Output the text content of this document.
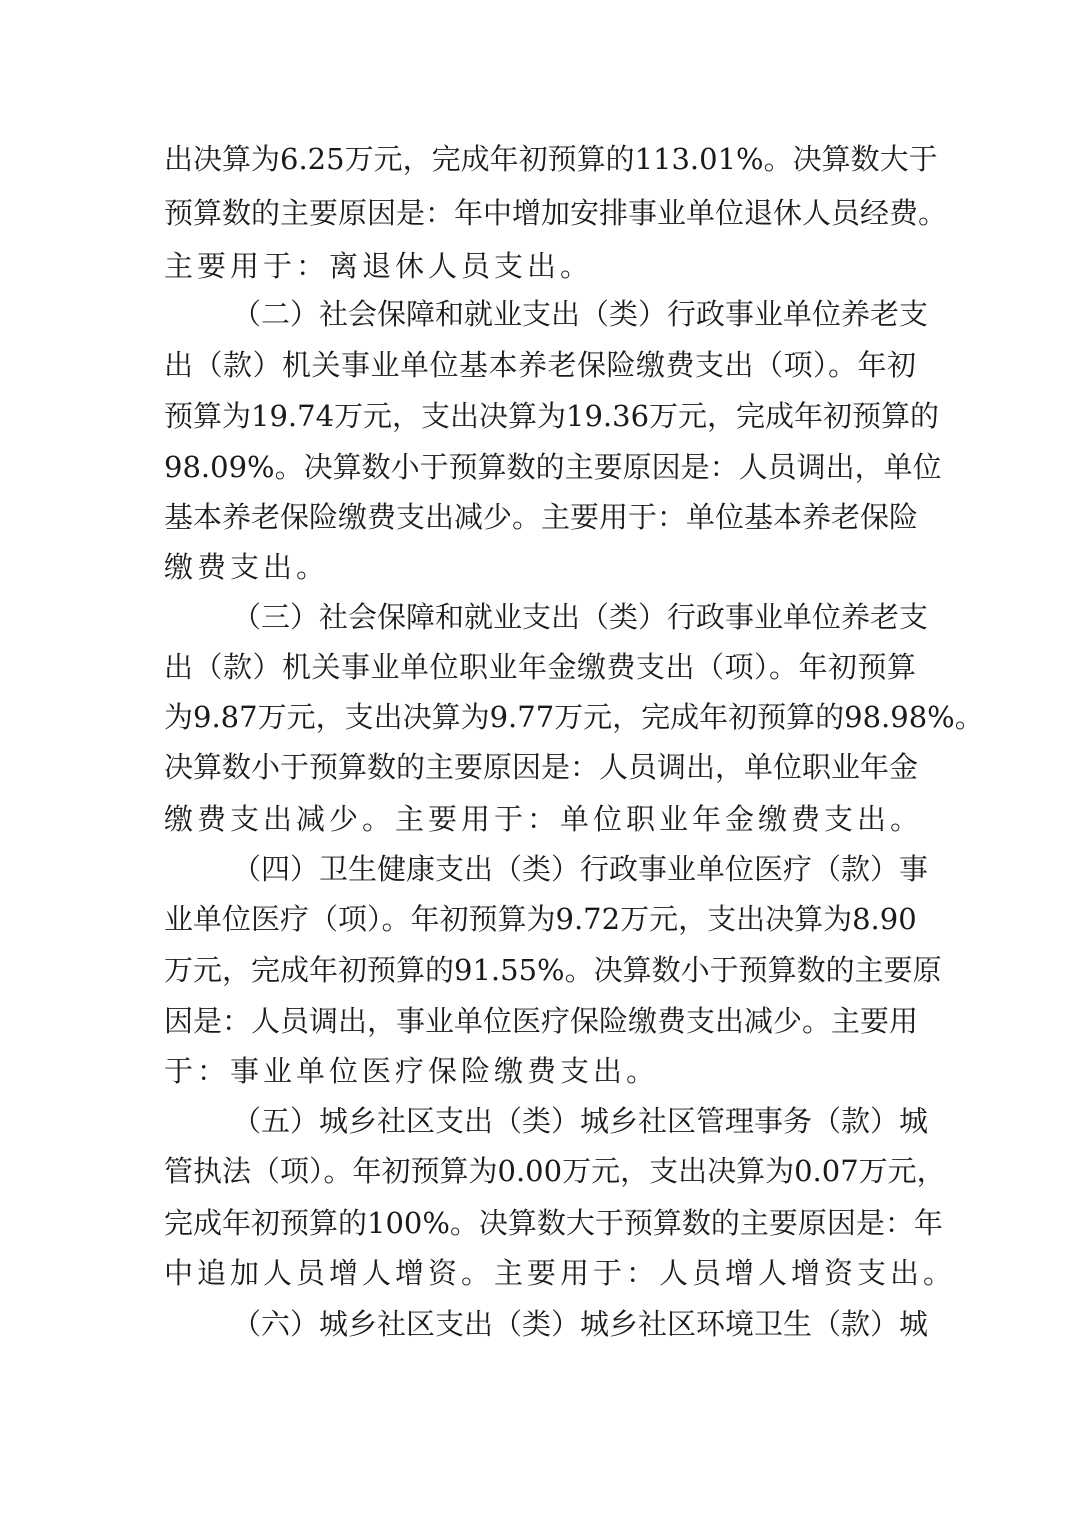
出决算为6.25万元，完成年初预算的113.01%。决算数大于
预算数的主要原因是：年中增加安排事业单位退休人员经费。
主要用于：离退休人员支出。
（二）社会保障和就业支出（类）行政事业单位养老支
出（款）机关事业单位基本养老保险缴费支出（项）。年初
预算为19.74万元，支出决算为19.36万元，完成年初预算的
98.09%。决算数小于预算数的主要原因是：人员调出，单位
基本养老保险缴费支出减少。主要用于：单位基本养老保险
缴费支出。
（三）社会保障和就业支出（类）行政事业单位养老支
出（款）机关事业单位职业年金缴费支出（项）。年初预算
为9.87万元，支出决算为9.77万元，完成年初预算的98.98%。
决算数小于预算数的主要原因是：人员调出，单位职业年金
缴费支出减少。主要用于：单位职业年金缴费支出。
（四）卫生健康支出（类）行政事业单位医疗（款）事
业单位医疗（项）。年初预算为9.72万元，支出决算为8.90
万元，完成年初预算的91.55%。决算数小于预算数的主要原
因是：人员调出，事业单位医疗保险缴费支出减少。主要用
于：事业单位医疗保险缴费支出。
（五）城乡社区支出（类）城乡社区管理事务（款）城
管执法（项）。年初预算为0.00万元，支出决算为0.07万元，
完成年初预算的100%。决算数大于预算数的主要原因是：年
中追加人员增人增资。主要用于：人员增人增资支出。
（六）城乡社区支出（类）城乡社区环境卫生（款）城
